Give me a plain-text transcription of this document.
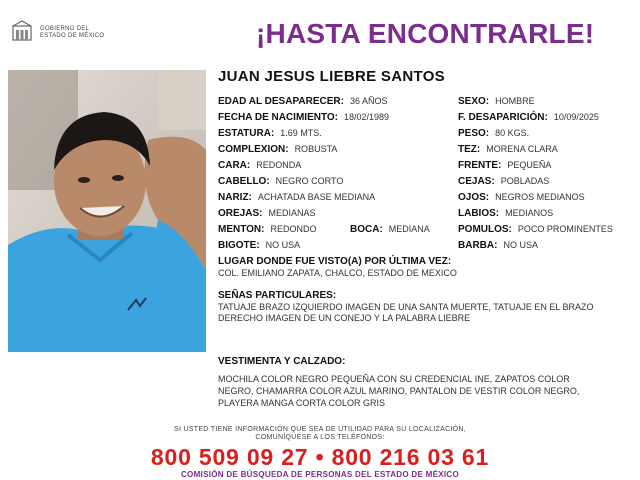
GOBIERNO DEL
ESTADO DE MÉXICO	¡HASTA ENCONTRARLE!
JUAN JESUS LIEBRE SANTOS
EDAD AL DESAPARECER: 36 AÑOS	SEXO: HOMBRE
FECHA DE NACIMIENTO: 18/02/1989	F. DESAPARICIÓN: 10/09/2025
ESTATURA: 1.69 MTS.	PESO: 80 KGS.
COMPLEXION: ROBUSTA	TEZ: MORENA CLARA
CARA: REDONDA	FRENTE: PEQUEÑA
CABELLO: NEGRO CORTO	CEJAS: POBLADAS
NARIZ: ACHATADA BASE MEDIANA	OJOS: NEGROS MEDIANOS
OREJAS: MEDIANAS	LABIOS: MEDIANOS
MENTON: REDONDO	BOCA: MEDIANA	POMULOS: POCO PROMINENTES
BIGOTE: NO USA	BARBA: NO USA
LUGAR DONDE FUE VISTO(A) POR ÚLTIMA VEZ:
COL. EMILIANO ZAPATA, CHALCO, ESTADO DE MEXICO
SEÑAS PARTICULARES:
TATUAJE BRAZO IZQUIERDO IMAGEN DE UNA SANTA MUERTE, TATUAJE EN EL BRAZO
DERECHO IMAGEN DE UN CONEJO Y LA PALABRA LIEBRE
VESTIMENTA Y CALZADO:
MOCHILA COLOR NEGRO PEQUEÑA CON SU CREDENCIAL INE, ZAPATOS COLOR
NEGRO, CHAMARRA COLOR AZUL MARINO, PANTALON DE VESTIR COLOR NEGRO,
PLAYERA MANGA CORTA COLOR GRIS
SI USTED TIENE INFORMACIÓN QUE SEA DE UTILIDAD PARA SU LOCALIZACIÓN,
COMUNÍQUESE A LOS TELÉFONOS:
800 509 09 27 • 800 216 03 61
COMISIÓN DE BÚSQUEDA DE PERSONAS DEL ESTADO DE MÉXICO
